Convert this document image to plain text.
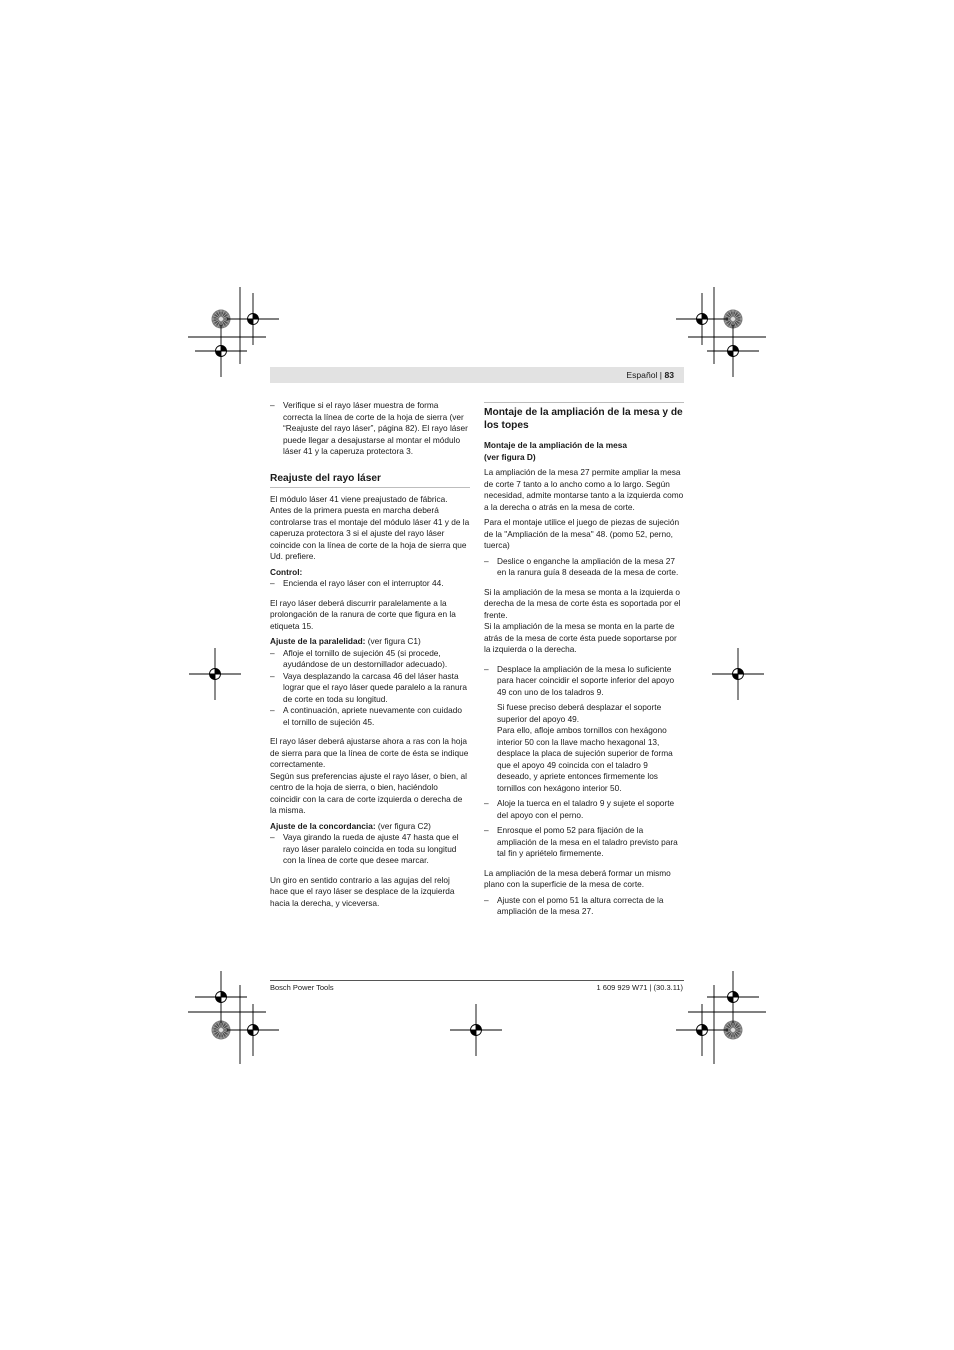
Español | 83

– Verifique si el rayo láser muestra de forma correcta la línea de corte de la hoja de sierra (ver “Reajuste del rayo láser”, página 82). El rayo láser puede llegar a desajustarse al montar el módulo láser 41 y la caperuza protectora 3.

Reajuste del rayo láser

El módulo láser 41 viene preajustado de fábrica. Antes de la primera puesta en marcha deberá controlarse tras el montaje del módulo láser 41 y de la caperuza protectora 3 si el ajuste del rayo láser coincide con la línea de corte de la hoja de sierra que Ud. prefiere.

Control:

– Encienda el rayo láser con el interruptor 44.

El rayo láser deberá discurrir paralelamente a la prolongación de la ranura de corte que figura en la etiqueta 15.

Ajuste de la paralelidad: (ver figura C1)

– Afloje el tornillo de sujeción 45 (si procede, ayudándose de un destornillador adecuado).

– Vaya desplazando la carcasa 46 del láser hasta lograr que el rayo láser quede paralelo a la ranura de corte en toda su longitud.

– A continuación, apriete nuevamente con cuidado el tornillo de sujeción 45.

El rayo láser deberá ajustarse ahora a ras con la hoja de sierra para que la línea de corte de ésta se indique correctamente.

Según sus preferencias ajuste el rayo láser, o bien, al centro de la hoja de sierra, o bien, haciéndolo coincidir con la cara de corte izquierda o derecha de la misma.

Ajuste de la concordancia: (ver figura C2)

– Vaya girando la rueda de ajuste 47 hasta que el rayo láser paralelo coincida en toda su longitud con la línea de corte que desee marcar.

Un giro en sentido contrario a las agujas del reloj hace que el rayo láser se desplace de la izquierda hacia la derecha, y viceversa.

Montaje de la ampliación de la mesa y de los topes

Montaje de la ampliación de la mesa

(ver figura D)

La ampliación de la mesa 27 permite ampliar la mesa de corte 7 tanto a lo ancho como a lo largo. Según necesidad, admite montarse tanto a la izquierda como a la derecha o atrás en la mesa de corte.

Para el montaje utilice el juego de piezas de sujeción de la "Ampliación de la mesa" 48. (pomo 52, perno, tuerca)

– Deslice o enganche la ampliación de la mesa 27 en la ranura guía 8 deseada de la mesa de corte.

Si la ampliación de la mesa se monta a la izquierda o derecha de la mesa de corte ésta es soportada por el frente.

Si la ampliación de la mesa se monta en la parte de atrás de la mesa de corte ésta puede soportarse por la izquierda o la derecha.

– Desplace la ampliación de la mesa lo suficiente para hacer coincidir el soporte inferior del apoyo 49 con uno de los taladros 9.

Si fuese preciso deberá desplazar el soporte superior del apoyo 49.

Para ello, afloje ambos tornillos con hexágono interior 50 con la llave macho hexagonal 13, desplace la placa de sujeción superior de forma que el apoyo 49 coincida con el taladro 9 deseado, y apriete entonces firmemente los tornillos con hexágono interior 50.

– Aloje la tuerca en el taladro 9 y sujete el soporte del apoyo con el perno.

– Enrosque el pomo 52 para fijación de la ampliación de la mesa en el taladro previsto para tal fin y apriételo firmemente.

La ampliación de la mesa deberá formar un mismo plano con la superficie de la mesa de corte.

– Ajuste con el pomo 51 la altura correcta de la ampliación de la mesa 27.

Bosch Power Tools	1 609 929 W71 | (30.3.11)
